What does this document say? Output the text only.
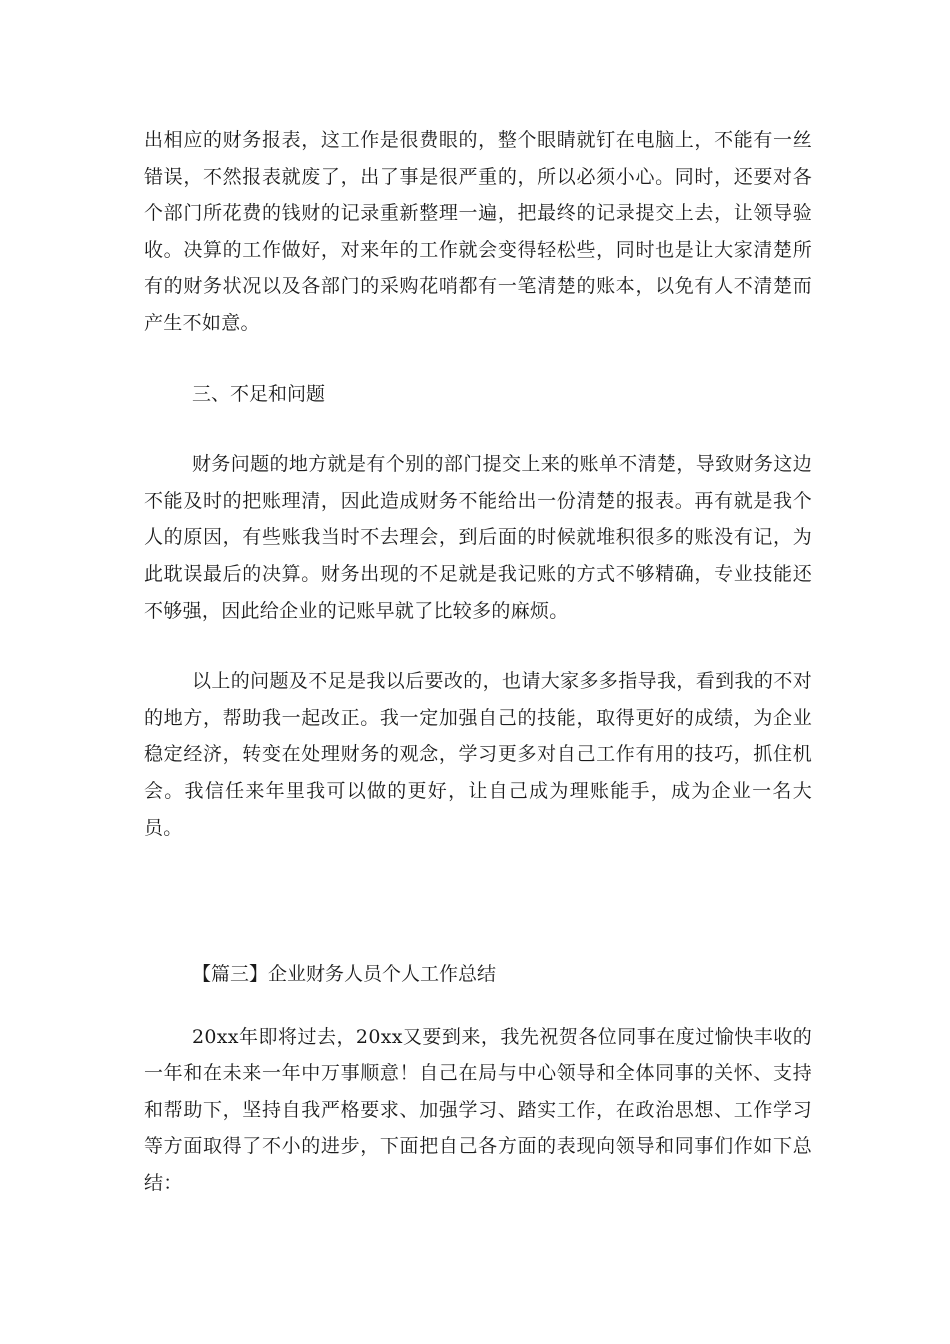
出相应的财务报表，这工作是很费眼的，整个眼睛就钉在电脑上，不能有一丝错误，不然报表就废了，出了事是很严重的，所以必须小心。同时，还要对各个部门所花费的钱财的记录重新整理一遍，把最终的记录提交上去，让领导验收。决算的工作做好，对来年的工作就会变得轻松些，同时也是让大家清楚所有的财务状况以及各部门的采购花哨都有一笔清楚的账本，以免有人不清楚而产生不如意。

三、不足和问题

财务问题的地方就是有个别的部门提交上来的账单不清楚，导致财务这边不能及时的把账理清，因此造成财务不能给出一份清楚的报表。再有就是我个人的原因，有些账我当时不去理会，到后面的时候就堆积很多的账没有记，为此耽误最后的决算。财务出现的不足就是我记账的方式不够精确，专业技能还不够强，因此给企业的记账早就了比较多的麻烦。

以上的问题及不足是我以后要改的，也请大家多多指导我，看到我的不对的地方，帮助我一起改正。我一定加强自己的技能，取得更好的成绩，为企业稳定经济，转变在处理财务的观念，学习更多对自己工作有用的技巧，抓住机会。我信任来年里我可以做的更好，让自己成为理账能手，成为企业一名大员。

【篇三】企业财务人员个人工作总结

20xx年即将过去，20xx又要到来，我先祝贺各位同事在度过愉快丰收的一年和在未来一年中万事顺意！自己在局与中心领导和全体同事的关怀、支持和帮助下，坚持自我严格要求、加强学习、踏实工作，在政治思想、工作学习等方面取得了不小的进步，下面把自己各方面的表现向领导和同事们作如下总结：
